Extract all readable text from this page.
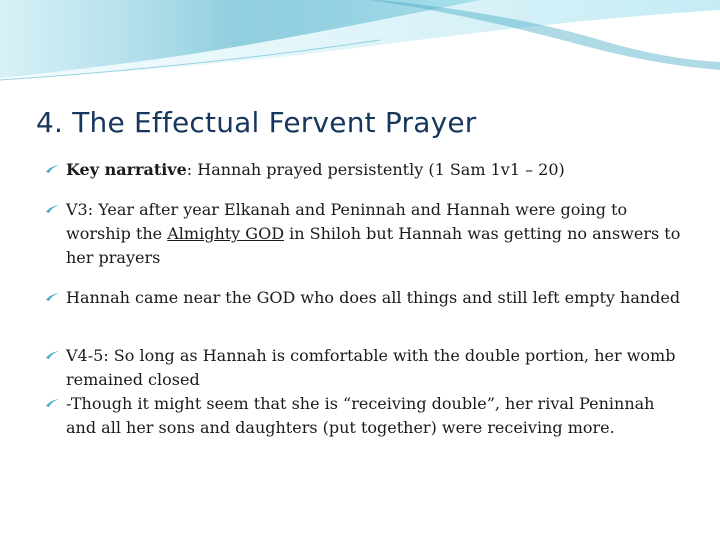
4. The Effectual Fervent Prayer
Key narrative: Hannah prayed persistently (1 Sam 1v1 – 20)
V3: Year after year Elkanah and Peninnah and Hannah were going to worship the Almighty GOD in Shiloh but Hannah was getting no answers to her prayers
Hannah came near the GOD who does all things and still left empty handed
V4-5: So long as Hannah is comfortable with the double portion, her womb remained closed
-Though it might seem that she is “receiving double”, her rival Peninnah and all her sons and daughters (put together) were receiving more.
